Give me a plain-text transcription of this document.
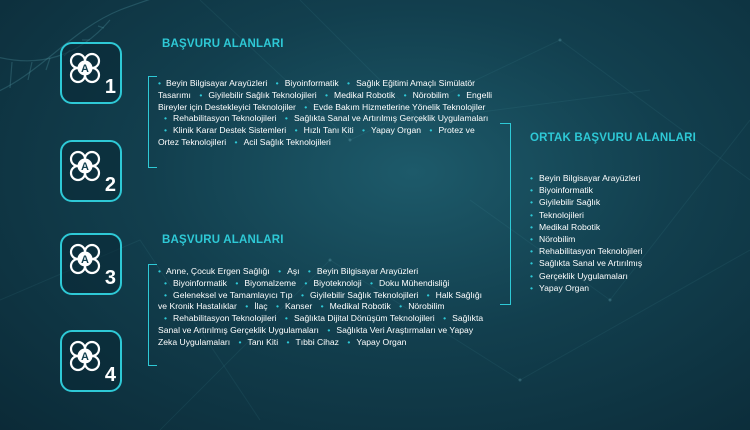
A
1
A
2
A
3
A
4
BAŞVURU ALANLARI
• Beyin Bilgisayar Arayüzleri • Biyoinformatik • Sağlık Eğitimi Amaçlı Simülatör Tasarımı • Giyilebilir Sağlık Teknolojileri • Medikal Robotik • Nörobilim • Engelli Bireyler için Destekleyici Teknolojiler • Evde Bakım Hizmetlerine Yönelik Teknolojiler • Rehabilitasyon Teknolojileri • Sağlıkta Sanal ve Artırılmış Gerçeklik Uygulamaları • Klinik Karar Destek Sistemleri • Hızlı Tanı Kiti • Yapay Organ • Protez ve Ortez Teknolojileri • Acil Sağlık Teknolojileri
BAŞVURU ALANLARI
• Anne, Çocuk Ergen Sağlığı • Aşı • Beyin Bilgisayar Arayüzleri • Biyoinformatik • Biyomalzeme • Biyoteknoloji • Doku Mühendisliği • Geleneksel ve Tamamlayıcı Tıp • Giyilebilir Sağlık Teknolojileri • Halk Sağlığı ve Kronik Hastalıklar • İlaç • Kanser • Medikal Robotik • Nörobilim • Rehabilitasyon Teknolojileri • Sağlıkta Dijital Dönüşüm Teknolojileri • Sağlıkta Sanal ve Artırılmış Gerçeklik Uygulamaları • Sağlıkta Veri Araştırmaları ve Yapay Zeka Uygulamaları • Tanı Kiti • Tıbbi Cihaz • Yapay Organ
ORTAK BAŞVURU ALANLARI
• Beyin Bilgisayar Arayüzleri
• Biyoinformatik
• Giyilebilir Sağlık
• Teknolojileri
• Medikal Robotik
• Nörobilim
• Rehabilitasyon Teknolojileri
• Sağlıkta Sanal ve Artırılmış
• Gerçeklik Uygulamaları
• Yapay Organ
